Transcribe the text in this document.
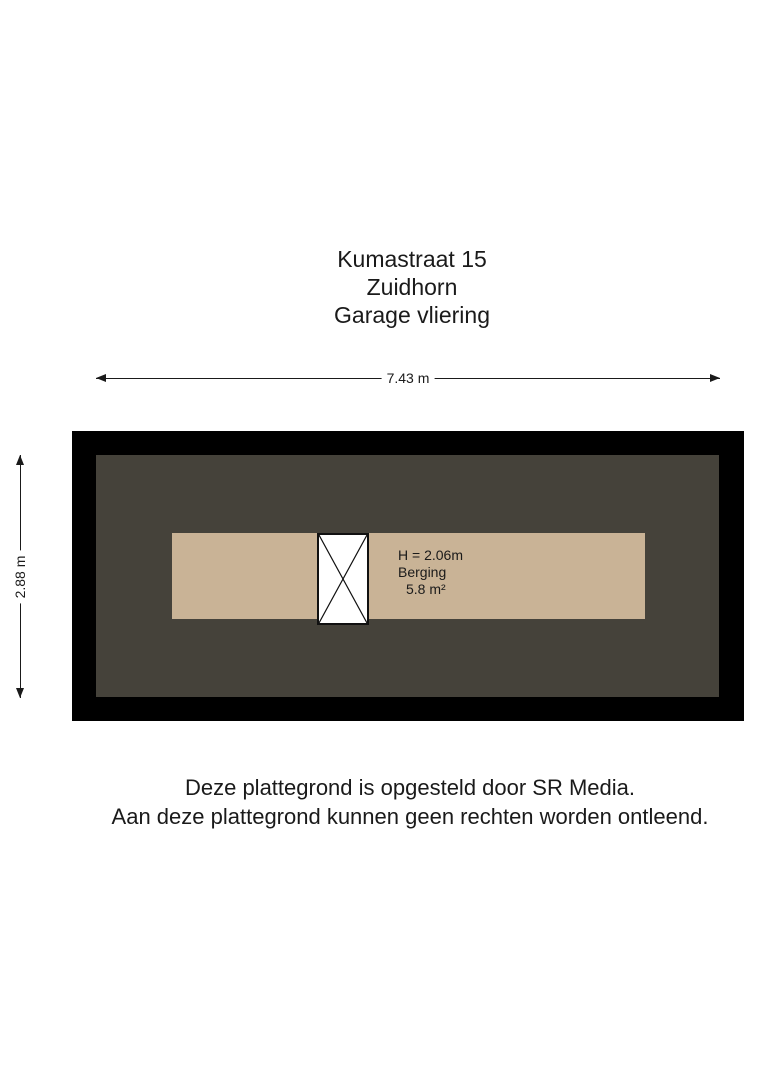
Kumastraat 15
Zuidhorn
Garage vliering
7.43 m
2.88 m
H = 2.06m
Berging
5.8 m²
Deze plattegrond is opgesteld door SR Media.
Aan deze plattegrond kunnen geen rechten worden ontleend.
